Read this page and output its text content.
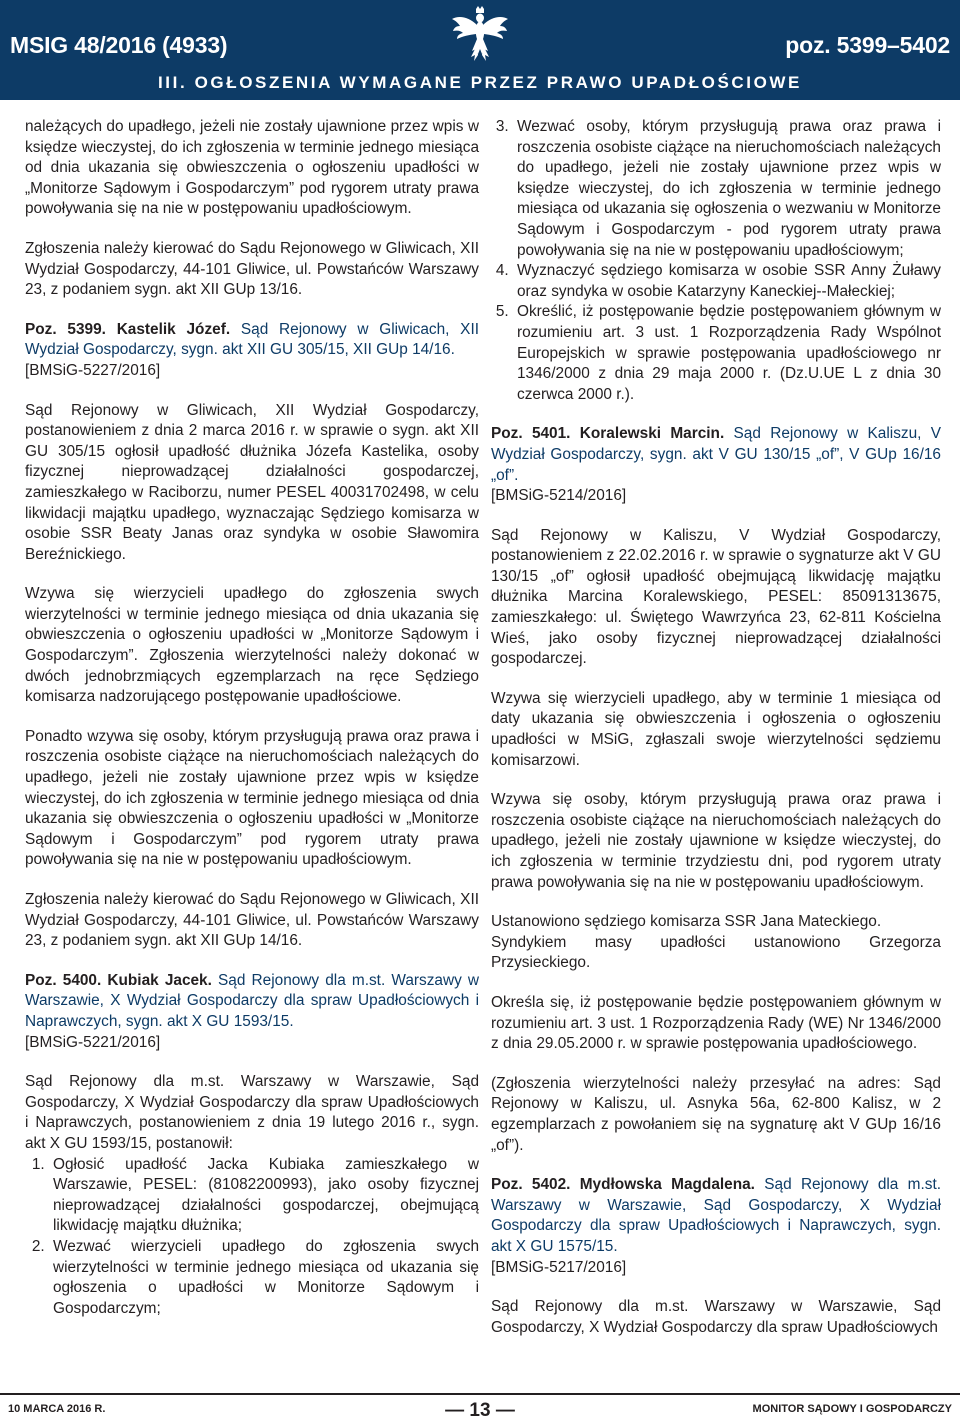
MSIG 48/2016 (4933)	poz. 5399–5402
III. OGŁOSZENIA WYMAGANE PRZEZ PRAWO UPADŁOŚCIOWE

należących do upadłego, jeżeli nie zostały ujawnione przez wpis w księdze wieczystej, do ich zgłoszenia w terminie jednego miesiąca od dnia ukazania się obwieszczenia o ogłoszeniu upadłości w „Monitorze Sądowym i Gospodarczym” pod rygorem utraty prawa powoływania się na nie w postępowaniu upadłościowym.

Zgłoszenia należy kierować do Sądu Rejonowego w Gliwicach, XII Wydział Gospodarczy, 44-101 Gliwice, ul. Powstańców Warszawy 23, z podaniem sygn. akt XII GUp 13/16.

Poz. 5399. Kastelik Józef. Sąd Rejonowy w Gliwicach, XII Wydział Gospodarczy, sygn. akt XII GU 305/15, XII GUp 14/16.

[BMSiG-5227/2016]

Sąd Rejonowy w Gliwicach, XII Wydział Gospodarczy, postanowieniem z dnia 2 marca 2016 r. w sprawie o sygn. akt XII GU 305/15 ogłosił upadłość dłużnika Józefa Kastelika, osoby fizycznej nieprowadzącej działalności gospodarczej, zamieszkałego w Raciborzu, numer PESEL 40031702498, w celu likwidacji majątku upadłego, wyznaczając Sędziego komisarza w osobie SSR Beaty Janas oraz syndyka w osobie Sławomira Bereźnickiego.

Wzywa się wierzycieli upadłego do zgłoszenia swych wierzytelności w terminie jednego miesiąca od dnia ukazania się obwieszczenia o ogłoszeniu upadłości w „Monitorze Sądowym i Gospodarczym”. Zgłoszenia wierzytelności należy dokonać w dwóch jednobrzmiących egzemplarzach na ręce Sędziego komisarza nadzorującego postępowanie upadłościowe.

Ponadto wzywa się osoby, którym przysługują prawa oraz prawa i roszczenia osobiste ciążące na nieruchomościach należących do upadłego, jeżeli nie zostały ujawnione przez wpis w księdze wieczystej, do ich zgłoszenia w terminie jednego miesiąca od dnia ukazania się obwieszczenia o ogłoszeniu upadłości w „Monitorze Sądowym i Gospodarczym” pod rygorem utraty prawa powoływania się na nie w postępowaniu upadłościowym.

Zgłoszenia należy kierować do Sądu Rejonowego w Gliwicach, XII Wydział Gospodarczy, 44-101 Gliwice, ul. Powstańców Warszawy 23, z podaniem sygn. akt XII GUp 14/16.

Poz. 5400. Kubiak Jacek. Sąd Rejonowy dla m.st. Warszawy w Warszawie, X Wydział Gospodarczy dla spraw Upadłościowych i Naprawczych, sygn. akt X GU 1593/15.

[BMSiG-5221/2016]

Sąd Rejonowy dla m.st. Warszawy w Warszawie, Sąd Gospodarczy, X Wydział Gospodarczy dla spraw Upadłościowych i Naprawczych, postanowieniem z dnia 19 lutego 2016 r., sygn. akt X GU 1593/15, postanowił:

1. Ogłosić upadłość Jacka Kubiaka zamieszkałego w Warszawie, PESEL: (81082200993), jako osoby fizycznej nieprowadzącej działalności gospodarczej, obejmującą likwidację majątku dłużnika;
2. Wezwać wierzycieli upadłego do zgłoszenia swych wierzytelności w terminie jednego miesiąca od ukazania się ogłoszenia o upadłości w Monitorze Sądowym i Gospodarczym;
3. Wezwać osoby, którym przysługują prawa oraz prawa i roszczenia osobiste ciążące na nieruchomościach należących do upadłego, jeżeli nie zostały ujawnione przez wpis w księdze wieczystej, do ich zgłoszenia w terminie jednego miesiąca od ukazania się ogłoszenia o wezwaniu w Monitorze Sądowym i Gospodarczym - pod rygorem utraty prawa powoływania się na nie w postępowaniu upadłościowym;
4. Wyznaczyć sędziego komisarza w osobie SSR Anny Żuławy oraz syndyka w osobie Katarzyny Kaneckiej--Małeckiej;
5. Określić, iż postępowanie będzie postępowaniem głównym w rozumieniu art. 3 ust. 1 Rozporządzenia Rady Wspólnot Europejskich w sprawie postępowania upadłościowego nr 1346/2000 z dnia 29 maja 2000 r. (Dz.U.UE L z dnia 30 czerwca 2000 r.).

Poz. 5401. Koralewski Marcin. Sąd Rejonowy w Kaliszu, V Wydział Gospodarczy, sygn. akt V GU 130/15 „of”, V GUp 16/16 „of”.

[BMSiG-5214/2016]

Sąd Rejonowy w Kaliszu, V Wydział Gospodarczy, postanowieniem z 22.02.2016 r. w sprawie o sygnaturze akt V GU 130/15 „of” ogłosił upadłość obejmującą likwidację majątku dłużnika Marcina Koralewskiego, PESEL: 85091313675, zamieszkałego: ul. Świętego Wawrzyńca 23, 62-811 Kościelna Wieś, jako osoby fizycznej nieprowadzącej działalności gospodarczej.

Wzywa się wierzycieli upadłego, aby w terminie 1 miesiąca od daty ukazania się obwieszczenia i ogłoszenia o ogłoszeniu upadłości w MSiG, zgłaszali swoje wierzytelności sędziemu komisarzowi.

Wzywa się osoby, którym przysługują prawa oraz prawa i roszczenia osobiste ciążące na nieruchomościach należących do upadłego, jeżeli nie zostały ujawnione w księdze wieczystej, do ich zgłoszenia w terminie trzydziestu dni, pod rygorem utraty prawa powoływania się na nie w postępowaniu upadłościowym.

Ustanowiono sędziego komisarza SSR Jana Mateckiego.

Syndykiem masy upadłości ustanowiono Grzegorza Przysieckiego.

Określa się, iż postępowanie będzie postępowaniem głównym w rozumieniu art. 3 ust. 1 Rozporządzenia Rady (WE) Nr 1346/2000 z dnia 29.05.2000 r. w sprawie postępowania upadłościowego.

(Zgłoszenia wierzytelności należy przesyłać na adres: Sąd Rejonowy w Kaliszu, ul. Asnyka 56a, 62-800 Kalisz, w 2 egzemplarzach z powołaniem się na sygnaturę akt V GUp 16/16 „of”).

Poz. 5402. Mydłowska Magdalena. Sąd Rejonowy dla m.st. Warszawy w Warszawie, Sąd Gospodarczy, X Wydział Gospodarczy dla spraw Upadłościowych i Naprawczych, sygn. akt X GU 1575/15.

[BMSiG-5217/2016]

Sąd Rejonowy dla m.st. Warszawy w Warszawie, Sąd Gospodarczy, X Wydział Gospodarczy dla spraw Upadłościowych

10 MARCA 2016 R.	— 13 —	MONITOR SĄDOWY I GOSPODARCZY
